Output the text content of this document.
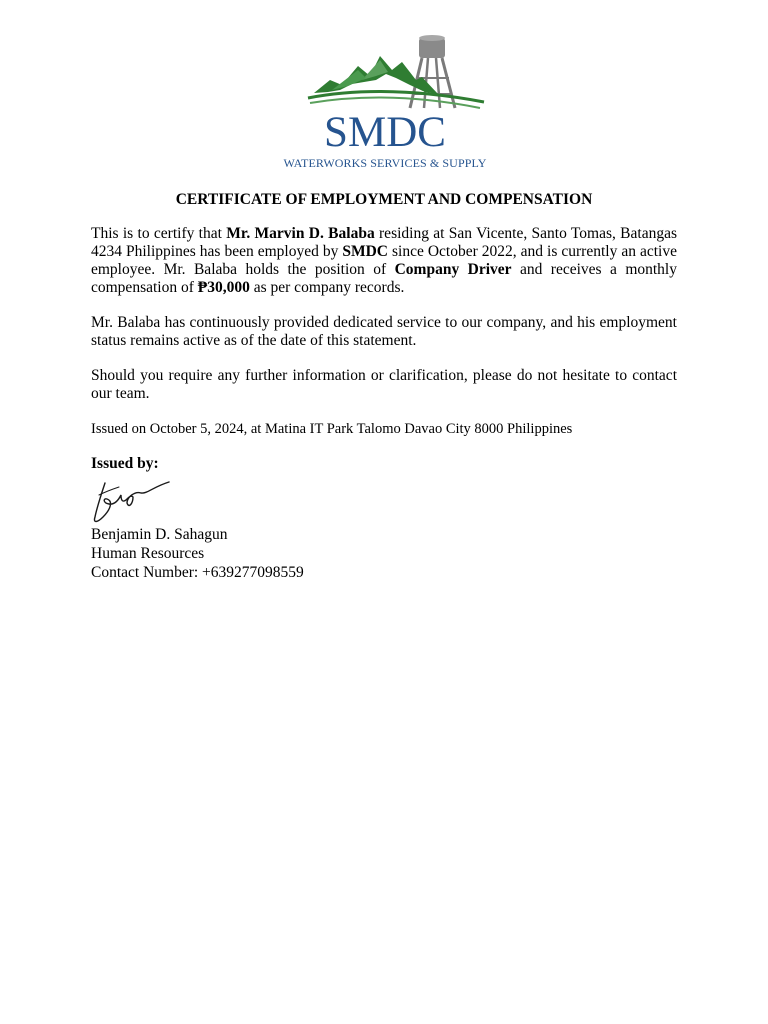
SMDC
WATERWORKS SERVICES & SUPPLY
CERTIFICATE OF EMPLOYMENT AND COMPENSATION

This is to certify that Mr. Marvin D. Balaba residing at San Vicente, Santo Tomas, Batangas 4234 Philippines has been employed by SMDC since October 2022, and is currently an active employee. Mr. Balaba holds the position of Company Driver and receives a monthly compensation of ₱30,000 as per company records.

Mr. Balaba has continuously provided dedicated service to our company, and his employment status remains active as of the date of this statement.

Should you require any further information or clarification, please do not hesitate to contact our team.

Issued on October 5, 2024, at Matina IT Park Talomo Davao City 8000 Philippines

Issued by:

Benjamin D. Sahagun
Human Resources
Contact Number: +639277098559
